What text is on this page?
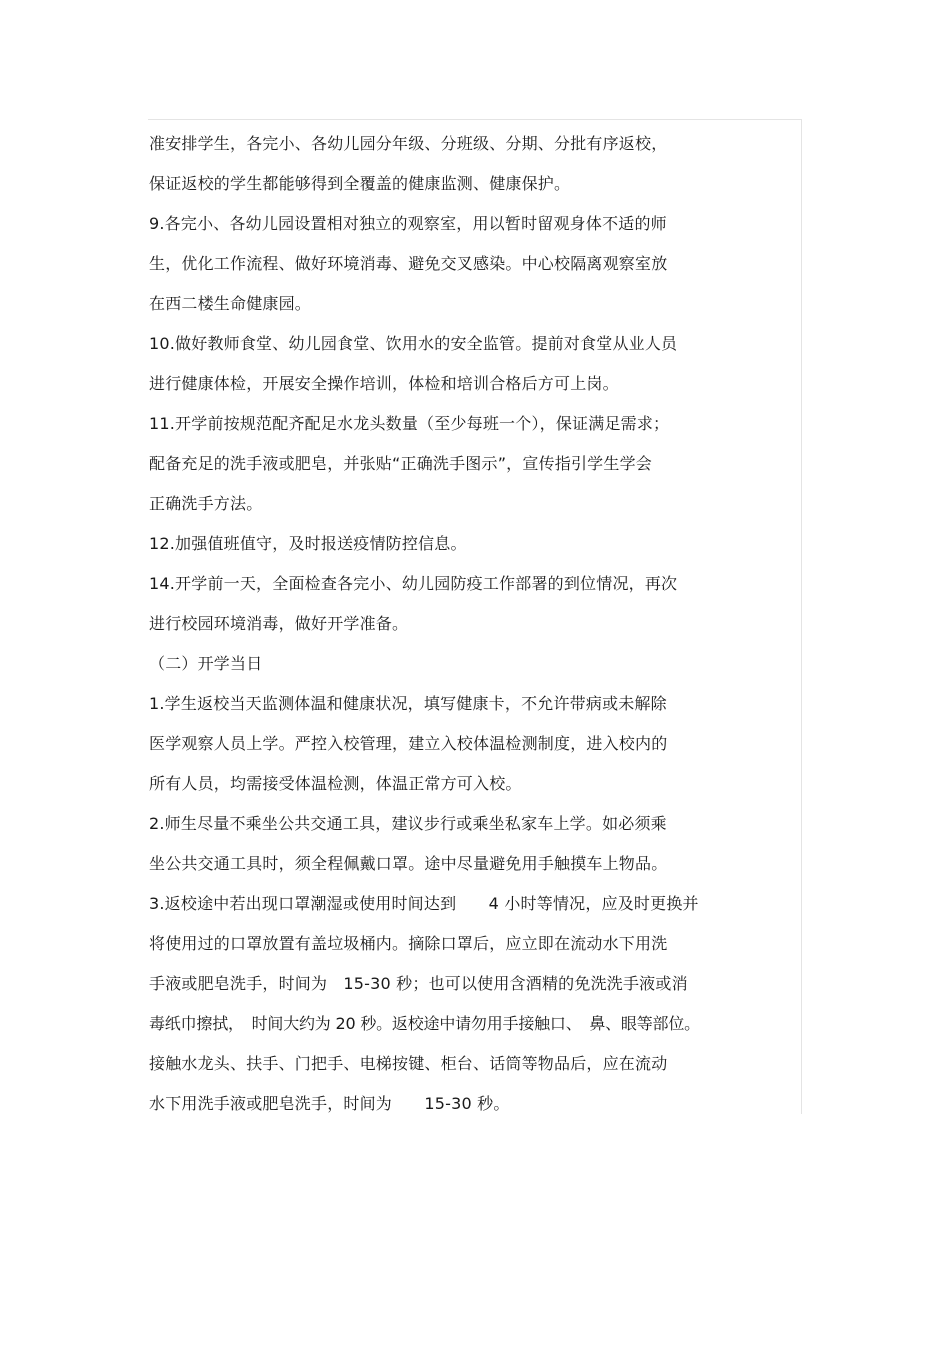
准安排学生，各完小、各幼儿园分年级、分班级、分期、分批有序返校，
保证返校的学生都能够得到全覆盖的健康监测、健康保护。
9.各完小、各幼儿园设置相对独立的观察室，用以暂时留观身体不适的师
生，优化工作流程、做好环境消毒、避免交叉感染。中心校隔离观察室放
在西二楼生命健康园。
10.做好教师食堂、幼儿园食堂、饮用水的安全监管。提前对食堂从业人员
进行健康体检，开展安全操作培训，体检和培训合格后方可上岗。
11.开学前按规范配齐配足水龙头数量（至少每班一个），保证满足需求；
配备充足的洗手液或肥皂，并张贴“正确洗手图示”，宣传指引学生学会
正确洗手方法。
12.加强值班值守，及时报送疫情防控信息。
14.开学前一天，全面检查各完小、幼儿园防疫工作部署的到位情况，再次
进行校园环境消毒，做好开学准备。
（二）开学当日
1.学生返校当天监测体温和健康状况，填写健康卡，不允许带病或未解除
医学观察人员上学。严控入校管理，建立入校体温检测制度，进入校内的
所有人员，均需接受体温检测，体温正常方可入校。
2.师生尽量不乘坐公共交通工具，建议步行或乘坐私家车上学。如必须乘
坐公共交通工具时，须全程佩戴口罩。途中尽量避免用手触摸车上物品。
3.返校途中若出现口罩潮湿或使用时间达到　　4 小时等情况，应及时更换并
将使用过的口罩放置有盖垃圾桶内。摘除口罩后，应立即在流动水下用洗
手液或肥皂洗手，时间为　15-30 秒；也可以使用含酒精的免洗洗手液或消
毒纸巾擦拭，　时间大约为 20 秒。返校途中请勿用手接触口、　鼻、眼等部位。
接触水龙头、扶手、门把手、电梯按键、柜台、话筒等物品后，应在流动
水下用洗手液或肥皂洗手，时间为　　15-30 秒。
